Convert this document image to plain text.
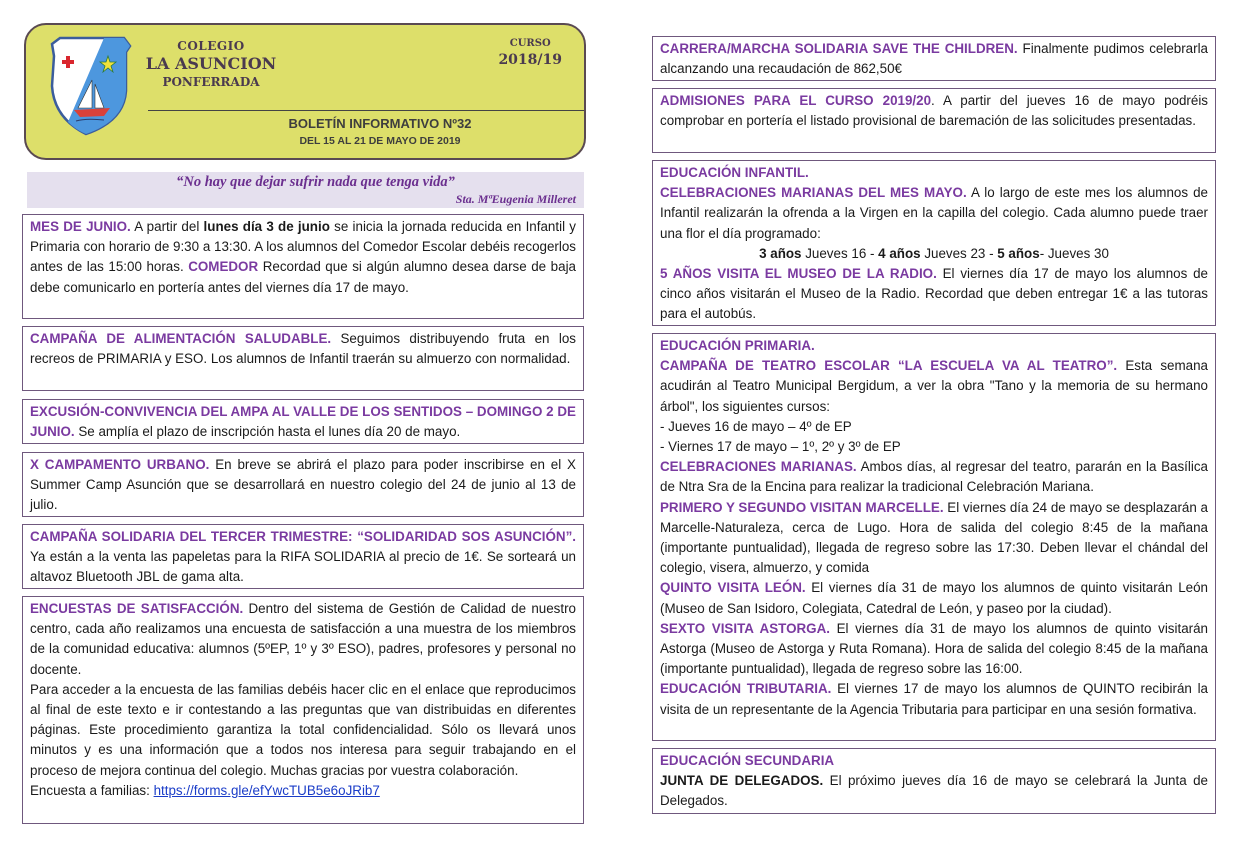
COLEGIO
LA ASUNCION
PONFERRADA
CURSO
2018/19
BOLETÍN INFORMATIVO Nº32
DEL 15 AL 21 DE MAYO DE 2019
“No hay que dejar sufrir nada que tenga vida”
Sta. MªEugenia Milleret

MES DE JUNIO. A partir del lunes día 3 de junio se inicia la jornada reducida en Infantil y Primaria con horario de 9:30 a 13:30. A los alumnos del Comedor Escolar debéis recogerlos antes de las 15:00 horas. COMEDOR Recordad que si algún alumno desea darse de baja debe comunicarlo en portería antes del viernes día 17 de mayo.

CAMPAÑA DE ALIMENTACIÓN SALUDABLE. Seguimos distribuyendo fruta en los recreos de PRIMARIA y ESO. Los alumnos de Infantil traerán su almuerzo con normalidad.

EXCUSIÓN-CONVIVENCIA DEL AMPA AL VALLE DE LOS SENTIDOS – DOMINGO 2 DE JUNIO. Se amplía el plazo de inscripción hasta el lunes día 20 de mayo.

X CAMPAMENTO URBANO. En breve se abrirá el plazo para poder inscribirse en el X Summer Camp Asunción que se desarrollará en nuestro colegio del 24 de junio al 13 de julio.

CAMPAÑA SOLIDARIA DEL TERCER TRIMESTRE: “SOLIDARIDAD SOS ASUNCIÓN”. Ya están a la venta las papeletas para la RIFA SOLIDARIA al precio de 1€. Se sorteará un altavoz Bluetooth JBL de gama alta.

ENCUESTAS DE SATISFACCIÓN. Dentro del sistema de Gestión de Calidad de nuestro centro, cada año realizamos una encuesta de satisfacción a una muestra de los miembros de la comunidad educativa: alumnos (5ºEP, 1º y 3º ESO), padres, profesores y personal no docente.

Para acceder a la encuesta de las familias debéis hacer clic en el enlace que reproducimos al final de este texto e ir contestando a las preguntas que van distribuidas en diferentes páginas. Este procedimiento garantiza la total confidencialidad. Sólo os llevará unos minutos y es una información que a todos nos interesa para seguir trabajando en el proceso de mejora continua del colegio. Muchas gracias por vuestra colaboración.

Encuesta a familias: https://forms.gle/efYwcTUB5e6oJRib7

CARRERA/MARCHA SOLIDARIA SAVE THE CHILDREN. Finalmente pudimos celebrarla alcanzando una recaudación de 862,50€

ADMISIONES PARA EL CURSO 2019/20. A partir del jueves 16 de mayo podréis comprobar en portería el listado provisional de baremación de las solicitudes presentadas.

EDUCACIÓN INFANTIL.

CELEBRACIONES MARIANAS DEL MES MAYO. A lo largo de este mes los alumnos de Infantil realizarán la ofrenda a la Virgen en la capilla del colegio. Cada alumno puede traer una flor el día programado:

3 años Jueves 16 - 4 años Jueves 23 - 5 años- Jueves 30

5 AÑOS VISITA EL MUSEO DE LA RADIO. El viernes día 17 de mayo los alumnos de cinco años visitarán el Museo de la Radio. Recordad que deben entregar 1€ a las tutoras para el autobús.

EDUCACIÓN PRIMARIA.

CAMPAÑA DE TEATRO ESCOLAR “LA ESCUELA VA AL TEATRO”. Esta semana acudirán al Teatro Municipal Bergidum, a ver la obra "Tano y la memoria de su hermano árbol", los siguientes cursos:

- Jueves 16 de mayo – 4º de EP

- Viernes 17 de mayo – 1º, 2º y 3º de EP

CELEBRACIONES MARIANAS. Ambos días, al regresar del teatro, pararán en la Basílica de Ntra Sra de la Encina para realizar la tradicional Celebración Mariana.

PRIMERO Y SEGUNDO VISITAN MARCELLE. El viernes día 24 de mayo se desplazarán a Marcelle-Naturaleza, cerca de Lugo. Hora de salida del colegio 8:45 de la mañana (importante puntualidad), llegada de regreso sobre las 17:30. Deben llevar el chándal del colegio, visera, almuerzo, y comida

QUINTO VISITA LEÓN. El viernes día 31 de mayo los alumnos de quinto visitarán León (Museo de San Isidoro, Colegiata, Catedral de León, y paseo por la ciudad).

SEXTO VISITA ASTORGA. El viernes día 31 de mayo los alumnos de quinto visitarán Astorga (Museo de Astorga y Ruta Romana). Hora de salida del colegio 8:45 de la mañana (importante puntualidad), llegada de regreso sobre las 16:00.

EDUCACIÓN TRIBUTARIA. El viernes 17 de mayo los alumnos de QUINTO recibirán la visita de un representante de la Agencia Tributaria para participar en una sesión formativa.

EDUCACIÓN SECUNDARIA

JUNTA DE DELEGADOS. El próximo jueves día 16 de mayo se celebrará la Junta de Delegados.
